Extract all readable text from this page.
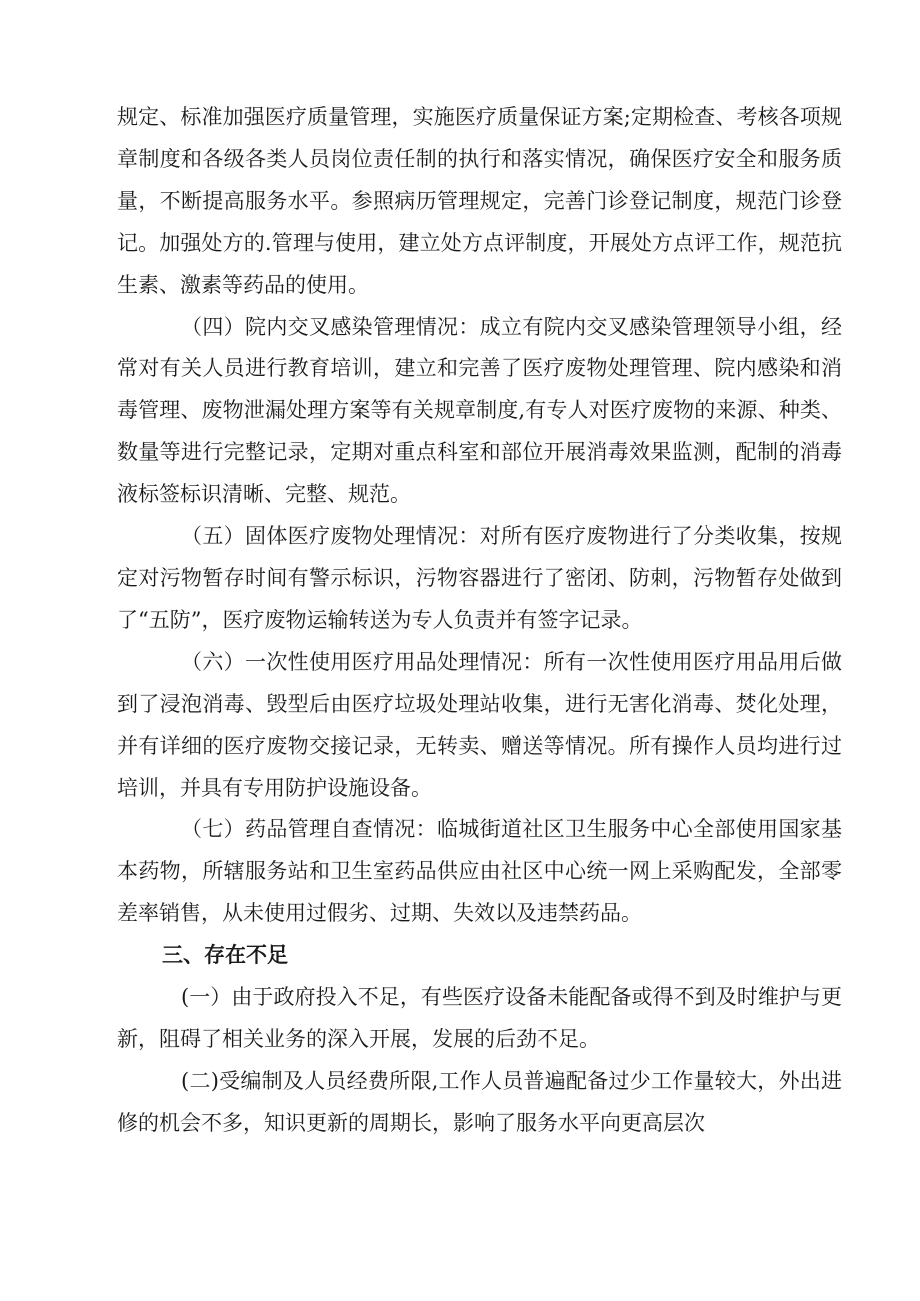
规定、标准加强医疗质量管理，实施医疗质量保证方案;定期检查、考核各项规章制度和各级各类人员岗位责任制的执行和落实情况，确保医疗安全和服务质量，不断提高服务水平。参照病历管理规定，完善门诊登记制度，规范门诊登记。加强处方的.管理与使用，建立处方点评制度，开展处方点评工作，规范抗生素、激素等药品的使用。

（四）院内交叉感染管理情况：成立有院内交叉感染管理领导小组，经常对有关人员进行教育培训，建立和完善了医疗废物处理管理、院内感染和消毒管理、废物泄漏处理方案等有关规章制度,有专人对医疗废物的来源、种类、数量等进行完整记录，定期对重点科室和部位开展消毒效果监测，配制的消毒液标签标识清晰、完整、规范。

（五）固体医疗废物处理情况：对所有医疗废物进行了分类收集，按规定对污物暂存时间有警示标识，污物容器进行了密闭、防刺，污物暂存处做到了“五防”，医疗废物运输转送为专人负责并有签字记录。

（六）一次性使用医疗用品处理情况：所有一次性使用医疗用品用后做到了浸泡消毒、毁型后由医疗垃圾处理站收集，进行无害化消毒、焚化处理，并有详细的医疗废物交接记录，无转卖、赠送等情况。所有操作人员均进行过培训，并具有专用防护设施设备。

（七）药品管理自查情况：临城街道社区卫生服务中心全部使用国家基本药物，所辖服务站和卫生室药品供应由社区中心统一网上采购配发，全部零差率销售，从未使用过假劣、过期、失效以及违禁药品。

三、存在不足

(一）由于政府投入不足，有些医疗设备未能配备或得不到及时维护与更新，阻碍了相关业务的深入开展，发展的后劲不足。

(二)受编制及人员经费所限,工作人员普遍配备过少工作量较大，外出进修的机会不多，知识更新的周期长，影响了服务水平向更高层次
